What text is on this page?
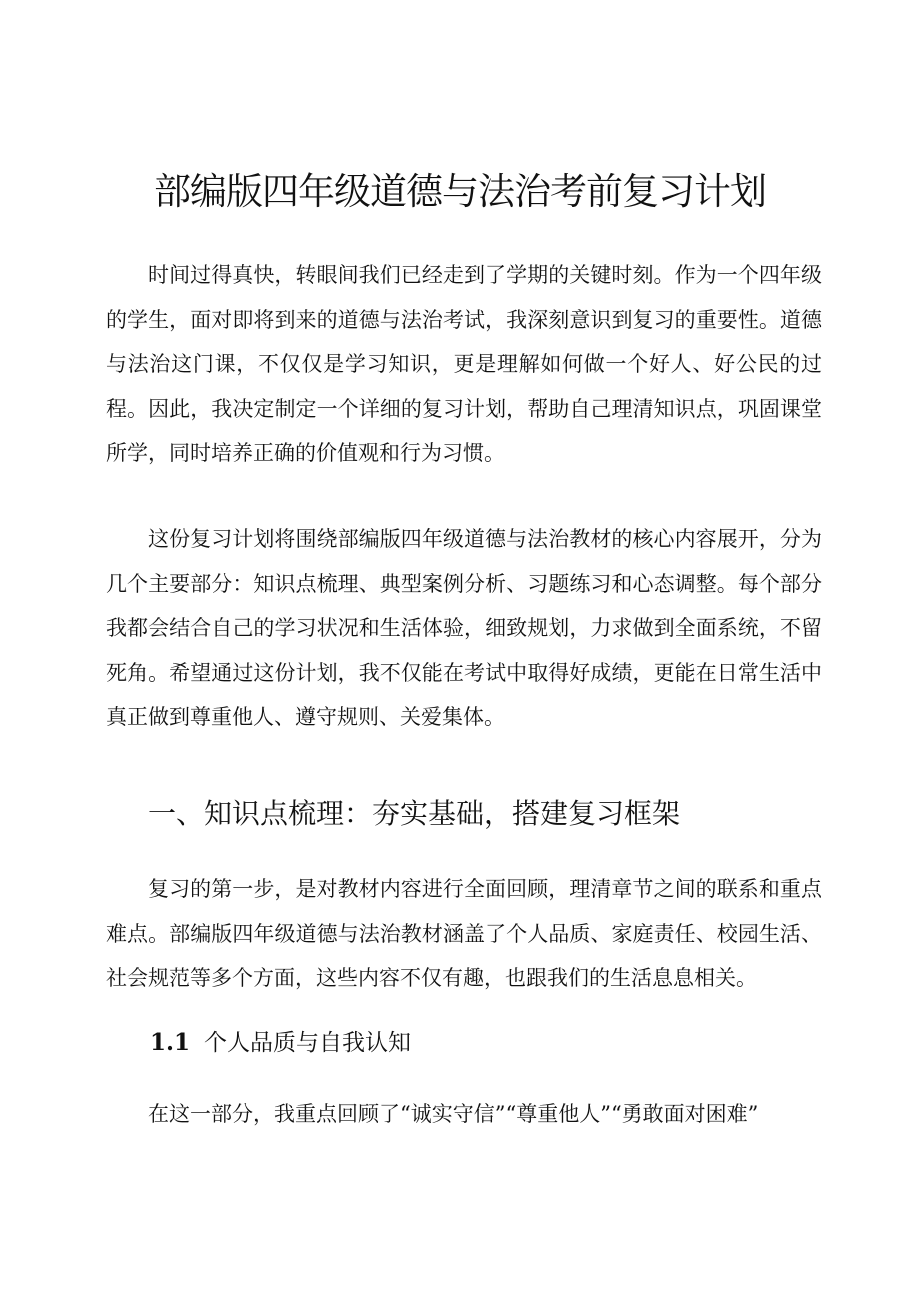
部编版四年级道德与法治考前复习计划

时间过得真快，转眼间我们已经走到了学期的关键时刻。作为一个四年级的学生，面对即将到来的道德与法治考试，我深刻意识到复习的重要性。道德与法治这门课，不仅仅是学习知识，更是理解如何做一个好人、好公民的过程。因此，我决定制定一个详细的复习计划，帮助自己理清知识点，巩固课堂所学，同时培养正确的价值观和行为习惯。

这份复习计划将围绕部编版四年级道德与法治教材的核心内容展开，分为几个主要部分：知识点梳理、典型案例分析、习题练习和心态调整。每个部分我都会结合自己的学习状况和生活体验，细致规划，力求做到全面系统，不留死角。希望通过这份计划，我不仅能在考试中取得好成绩，更能在日常生活中真正做到尊重他人、遵守规则、关爱集体。

一、知识点梳理：夯实基础，搭建复习框架

复习的第一步，是对教材内容进行全面回顾，理清章节之间的联系和重点难点。部编版四年级道德与法治教材涵盖了个人品质、家庭责任、校园生活、社会规范等多个方面，这些内容不仅有趣，也跟我们的生活息息相关。

1.1 个人品质与自我认知

在这一部分，我重点回顾了“诚实守信”“尊重他人”“勇敢面对困难”
